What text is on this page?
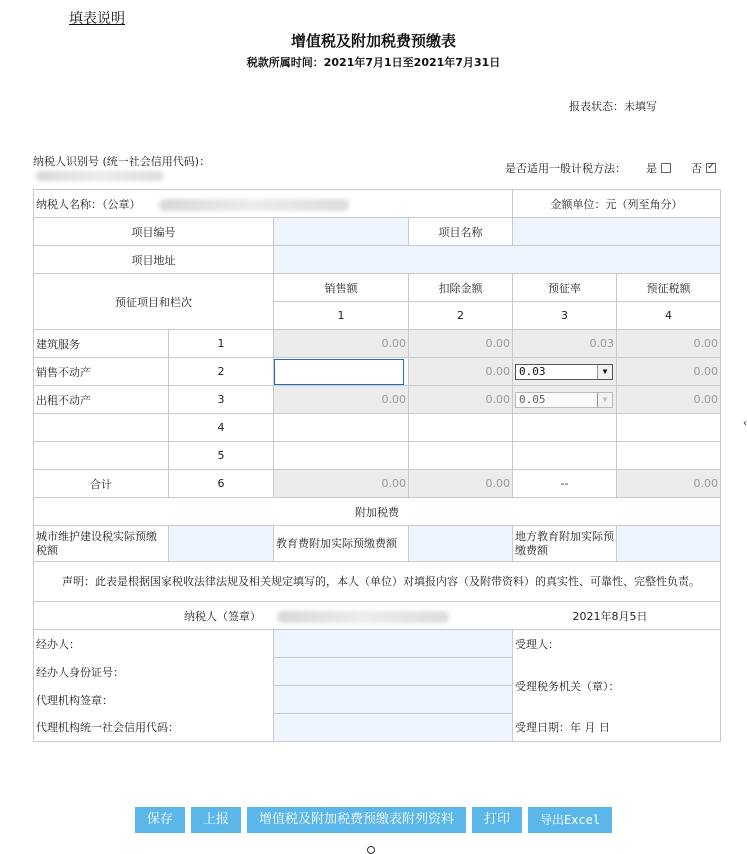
填表说明
增值税及附加税费预缴表
税款所属时间：2021年7月1日至2021年7月31日
报表状态：未填写
纳税人识别号 (统一社会信用代码)：
是否适用一般计税方法： 是	否
✓
纳税人名称：（公章）				金额单位：元（列至角分）	
项目编号			项目名称		
项目地址					
预征项目和栏次		销售额	扣除金额	预征率	预征税额
		1	2	3	4
建筑服务	1	0.00	0.00	0.03	0.00
销售不动产	2		0.00	0.03 ▼	0.00
出租不动产	3	0.00	0.00	0.05 ▼	0.00
	4				
	5				
合计	6	0.00	0.00	--	0.00
附加税费					
城市维护建设税实际预缴税额		教育费附加实际预缴费额		地方教育附加实际预缴费额	
声明：此表是根据国家税收法律法规及相关规定填写的，本人（单位）对填报内容（及附带资料）的真实性、可靠性、完整性负责。					
纳税人（签章）				2021年8月5日	
经办人：				受理人：	
经办人身份证号：				受理税务机关（章）：	
代理机构签章：					
代理机构统一社会信用代码：				受理日期：年 月 日	
保存	上报	增值税及附加税费预缴表附列资料	打印	导出Excel
‹
